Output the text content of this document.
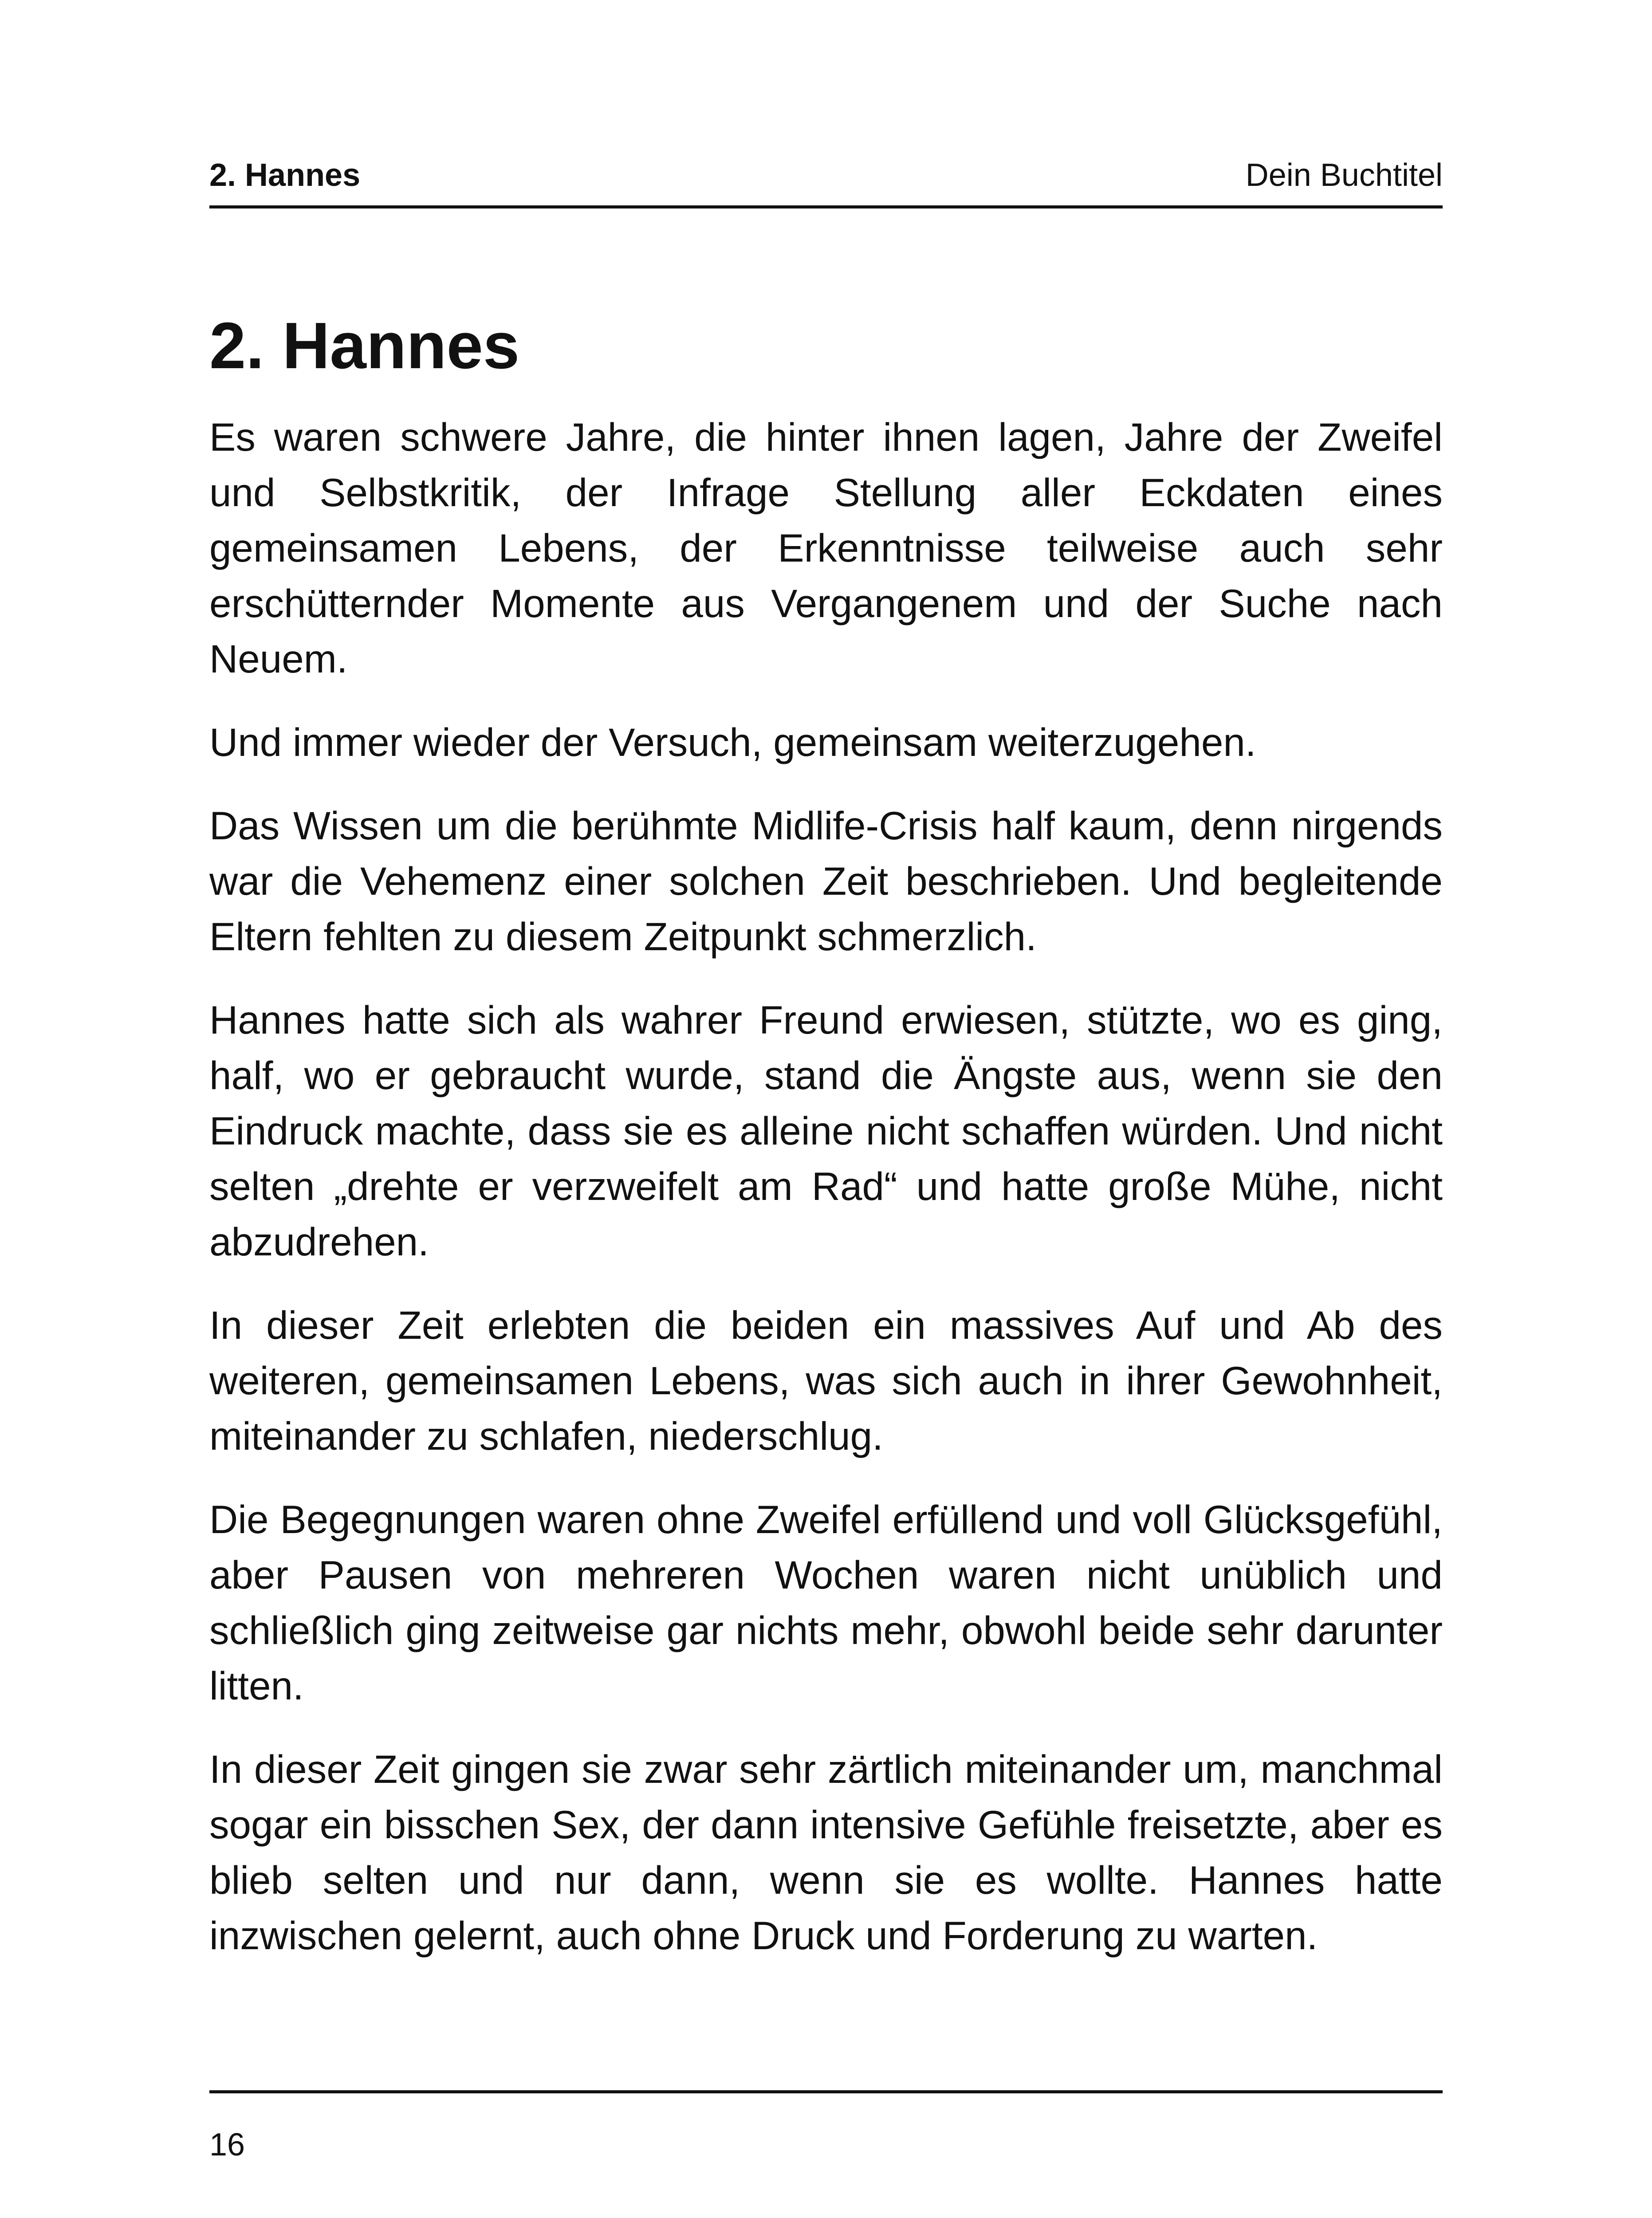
2. Hannes	Dein Buchtitel
2. Hannes

Es waren schwere Jahre, die hinter ihnen lagen, Jahre der Zweifel und Selbstkritik, der Infrage Stellung aller Eckdaten eines gemeinsamen Lebens, der Erkenntnisse teilweise auch sehr erschütternder Momente aus Vergangenem und der Suche nach Neuem.

Und immer wieder der Versuch, gemeinsam weiterzugehen.

Das Wissen um die berühmte Midlife-Crisis half kaum, denn nirgends war die Vehemenz einer solchen Zeit beschrieben. Und begleitende Eltern fehlten zu diesem Zeitpunkt schmerzlich.

Hannes hatte sich als wahrer Freund erwiesen, stützte, wo es ging, half, wo er gebraucht wurde, stand die Ängste aus, wenn sie den Eindruck machte, dass sie es alleine nicht schaffen würden. Und nicht selten „drehte er verzweifelt am Rad“ und hatte große Mühe, nicht abzudrehen.

In dieser Zeit erlebten die beiden ein massives Auf und Ab des weiteren, gemeinsamen Lebens, was sich auch in ihrer Gewohnheit, miteinander zu schlafen, niederschlug.

Die Begegnungen waren ohne Zweifel erfüllend und voll Glücksgefühl, aber Pausen von mehreren Wochen waren nicht unüblich und schließlich ging zeitweise gar nichts mehr, obwohl beide sehr darunter litten.

In dieser Zeit gingen sie zwar sehr zärtlich miteinander um, manchmal sogar ein bisschen Sex, der dann intensive Gefühle freisetzte, aber es blieb selten und nur dann, wenn sie es wollte. Hannes hatte inzwischen gelernt, auch ohne Druck und Forderung zu warten.

16
